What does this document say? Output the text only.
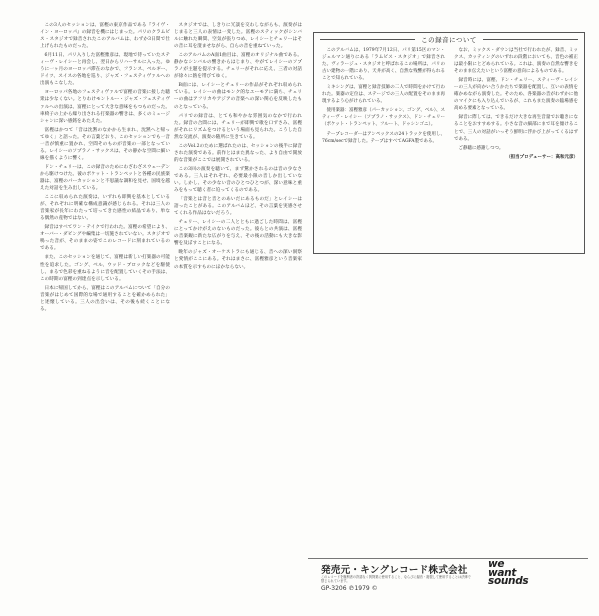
この3人のセッションは、富樫の東京作品である『ライヴ・イン・ヨーロッパ』の録音を機にはじまった。パリのクラムビス・スタジオで録音されたこのアルバムは、わずか3日間で仕上げられたものだった。

6月11日、パリ入りした富樫雅彦は、現地で待っていたスティーヴ・レイシーと再会し、翌日からリハーサルに入った。ゆうに一ヶ月のヨーロッパ滞在のなかで、フランス、ベルギー、ドイツ、スイスの各地を巡り、ジャズ・フェスティヴァルへの出演もこなした。

ヨーロッパ各地のフェスティヴァルで富樫の音楽に接した聴衆は少なくない。とりわけモントルー・ジャズ・フェスティヴァルへの出演は、富樫にとって大きな意味をもつものだった。車椅子の上から繰り出される打楽器の響きは、多くのミュージシャンに深い感銘をあたえた。

富樫はかつて「音は沈黙のなかから生まれ、沈黙へと帰ってゆく」と語った。その言葉どおり、このセッションでも一音一音が慎重に置かれ、空間そのものが音楽の一部となっている。レイシーのソプラノ・サックスは、その静かな空間に細い線を描くように響く。

ドン・チェリーは、この録音のためにわざわざスウェーデンから駆けつけた。彼のポケット・トランペットと各種の民族楽器は、富樫のパーカッションと不思議な調和を見せ、国境を越えた対話を生み出している。

ここに収められた演奏は、いずれも即興を基本としているが、それぞれに明確な構成意識が感じられる。それは三人の音楽家が長年にわたって培ってきた感性の結晶であり、単なる偶然の産物ではない。

録音はすべてワン・テイクで行われた。富樫の希望により、オーバー・ダビングや編集は一切施されていない。スタジオで鳴った音が、そのままの姿でこのレコードに刻まれているのである。

また、このセッションを通じて、富樫は新しい打楽器の可能性を追求した。ゴング、ベル、ウッド・ブロックなどを駆使し、まるで色彩を重ねるように音を配置していくその手法は、この時期の富樫の到達点を示している。

日本に帰国してから、富樫はこのアルバムについて「自分の音楽がはじめて国際的な場で通用することを確かめられた」と述懐している。三人の出会いは、その後も続くことになる。

スタジオでは、しきりに冗談を交わしながらも、演奏がはじまると三人の表情は一変した。富樫のスティックがシンバルに触れた瞬間、空気が張りつめ、レイシーとチェリーはその音に耳を澄ませながら、自らの音を重ねていった。

このアルバムのA面1曲目は、富樫のオリジナル曲である。静かなシンバルの響きからはじまり、やがてレイシーのソプラノが主題を提示する。チェリーがそれに応え、三者の対話が徐々に熱を帯びてゆく。

B面には、レイシーとチェリーの作品がそれぞれ収められている。レイシーの曲はモンク的なユーモアに満ち、チェリーの曲はアフリカやアジアの音楽への深い関心を反映したものとなっている。

パリでの録音は、とても和やかな雰囲気のなかで行われた。録音の合間には、チェリーが即興で歌を口ずさみ、富樫がそれにリズムをつけるという場面も見られた。こうした自然な交流が、演奏の随所に生きている。

このVol.2のために選ばれたのは、セッションの後半に録音された演奏である。前作とはまた異なった、より自由で開放的な音楽がここでは展開されている。

この3回の演奏を聴いて、まず驚かされるのは音の少なさである。三人はそれぞれ、必要最小限の音しか出していない。しかし、その少ない音のひとつひとつが、深い意味と重みをもって聴く者に迫ってくるのである。

「音楽とは音と音とのあいだにあるものだ」とレイシーは語ったことがある。このアルバムほど、その言葉を実感させてくれる作品はないだろう。

チェリー、レイシーの二人とともに過ごした時間は、富樫にとってかけがえのないものだった。彼らとの共演は、富樫の音楽観に新たな広がりを与え、その後の活動にも大きな影響を及ぼすことになる。

晩年のジャズ・オーケストラにも通じる、音への深い洞察と愛情がここにある。それはまさに、富樫雅彦という音楽家の本質を示すものにほかならない。

この録音について

このアルバムは、1979年7月12日、パリ第15区のマン・ジェルマン通りにある「ラムビス・スタジオ」で録音された。ヴィラージュ・スタジオと呼ばれるこの場所は、パリの古い建物の一階にあり、天井が高く、自然な残響が得られることで知られている。

ミキシングは、富樫と録音技師の二人で時間をかけて行われた。楽器の定位は、ステージでの三人の配置をそのまま再現するよう心がけられている。

使用楽器：富樫雅彦（パーカッション、ゴング、ベル）、スティーヴ・レイシー（ソプラノ・サックス）、ドン・チェリー（ポケット・トランペット、フルート、ドゥシンゴニ）。

テープレコーダーはアンペックスの24トラックを使用し、76cm/secで録音した。テープはすべてAGFA製である。

なお、ミックス・ダウンは当社で行われたが、録音、ミックス、カッティングのいずれの段階においても、音色の補正は最小限にとどめられている。これは、演奏の自然な響きをそのまま伝えたいという富樫の意向によるものである。

録音時には、富樫、ドン・チェリー、スティーヴ・レイシーの三人が向かい合うかたちで楽器を配置し、互いの表情を確かめながら演奏した。そのため、各楽器の音がわずかに他のマイクにも入り込んでいるが、これもまた演奏の臨場感を高める要素となっている。

録音に際しては、できるだけ大きな再生音量でお聴きになることをおすすめする。小さな音の細部にまで耳を傾けることで、三人の対話がいっそう鮮明に浮かび上がってくるはずである。

ご静聴に感謝しつつ。

（担当プロデューサー：高和元彦）

発売元・キングレコード株式会社
このレコードを権利者の許諾なく賃貸業に使用すること、ならびに録音・複製して使用することは法律で禁じられています。
GP-3206 ℗1979 ©
we
want
sounds
